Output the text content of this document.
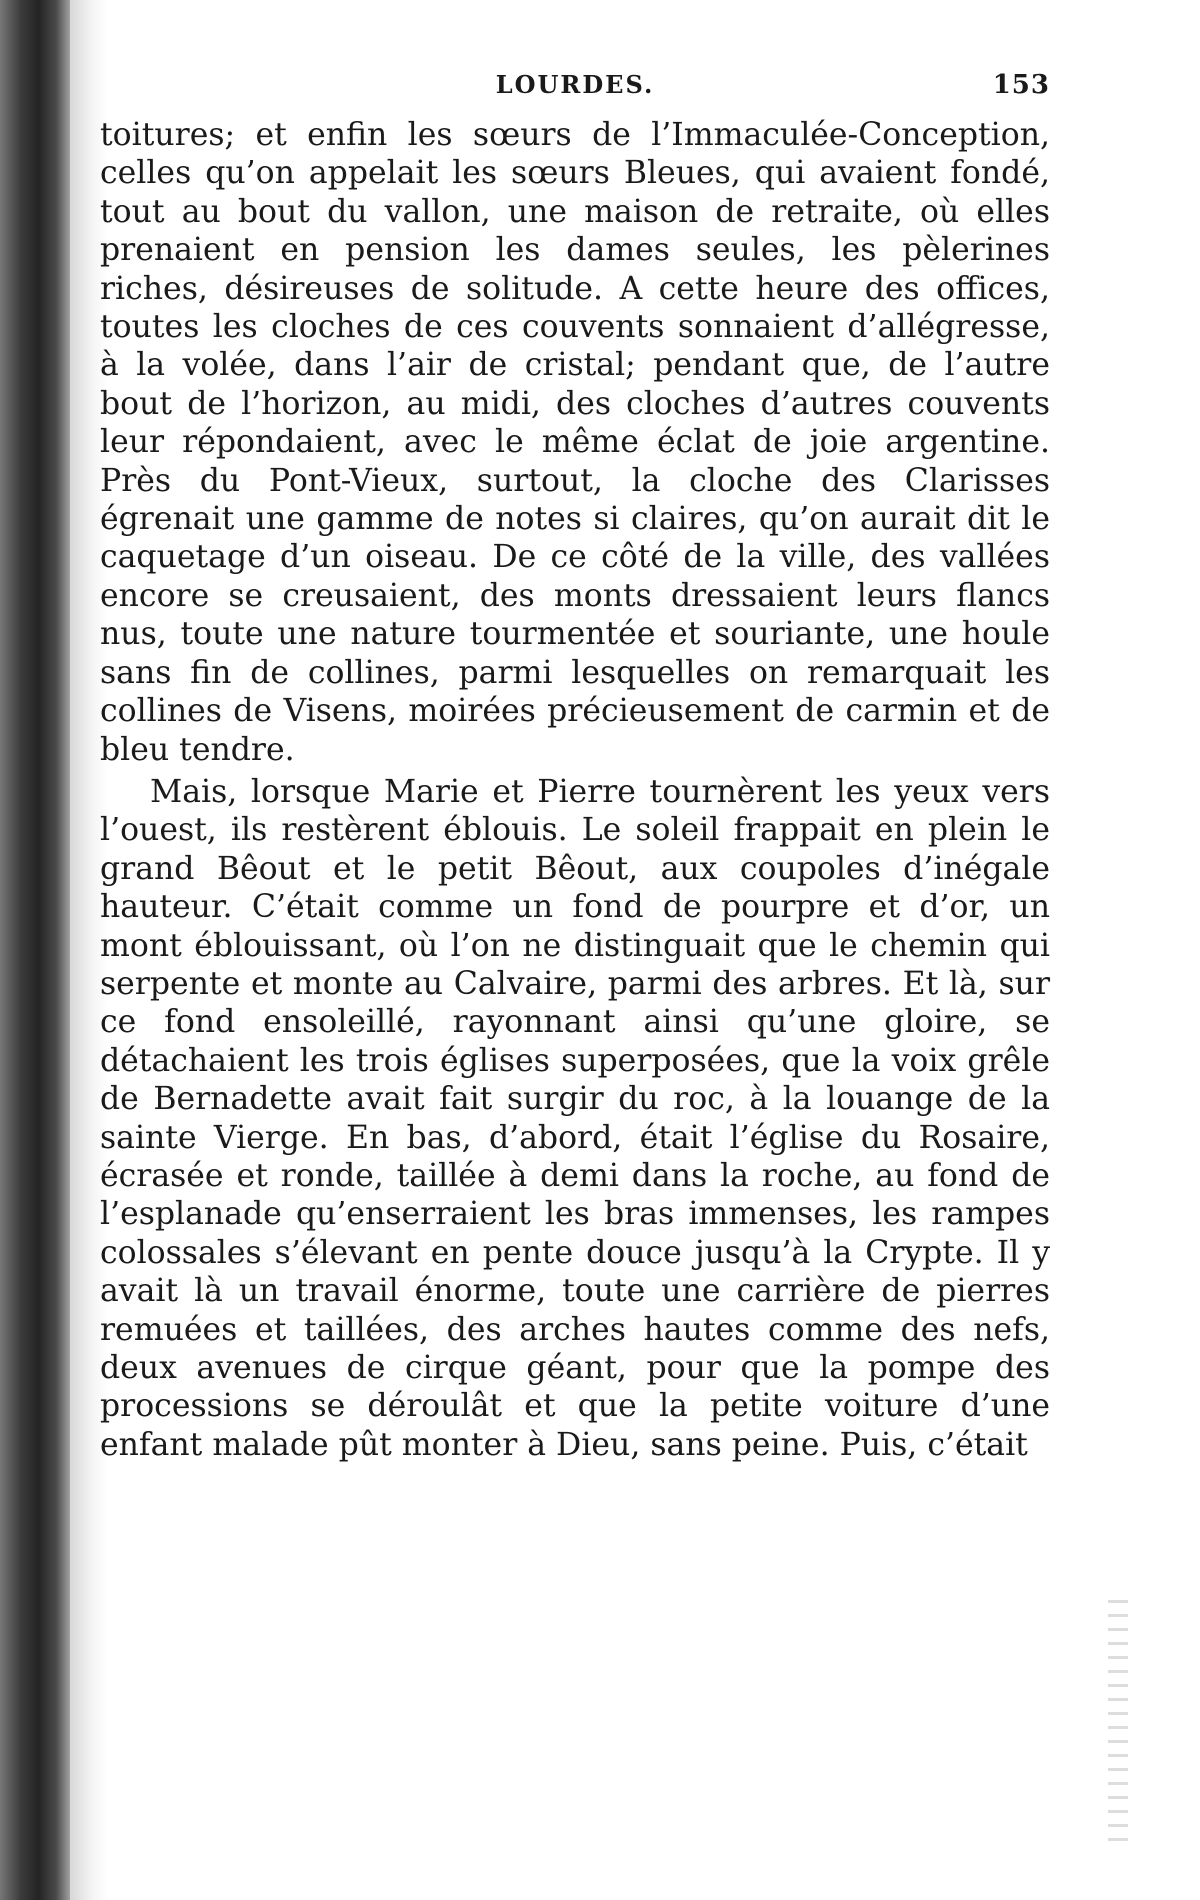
LOURDES.	153

toitures; et enfin les sœurs de l’Immaculée-Conception, celles qu’on appelait les sœurs Bleues, qui avaient fondé, tout au bout du vallon, une maison de retraite, où elles prenaient en pension les dames seules, les pèlerines riches, désireuses de solitude. A cette heure des offices, toutes les cloches de ces couvents sonnaient d’allégresse, à la volée, dans l’air de cristal; pendant que, de l’autre bout de l’horizon, au midi, des cloches d’autres couvents leur répondaient, avec le même éclat de joie argentine. Près du Pont-Vieux, surtout, la cloche des Clarisses égrenait une gamme de notes si claires, qu’on aurait dit le caquetage d’un oiseau. De ce côté de la ville, des vallées encore se creusaient, des monts dressaient leurs flancs nus, toute une nature tourmentée et souriante, une houle sans fin de collines, parmi lesquelles on remarquait les collines de Visens, moirées précieusement de carmin et de bleu tendre.

Mais, lorsque Marie et Pierre tournèrent les yeux vers l’ouest, ils restèrent éblouis. Le soleil frappait en plein le grand Bêout et le petit Bêout, aux coupoles d’inégale hauteur. C’était comme un fond de pourpre et d’or, un mont éblouissant, où l’on ne distinguait que le chemin qui serpente et monte au Calvaire, parmi des arbres. Et là, sur ce fond ensoleillé, rayonnant ainsi qu’une gloire, se détachaient les trois églises superposées, que la voix grêle de Bernadette avait fait surgir du roc, à la louange de la sainte Vierge. En bas, d’abord, était l’église du Rosaire, écrasée et ronde, taillée à demi dans la roche, au fond de l’esplanade qu’enserraient les bras immenses, les rampes colossales s’élevant en pente douce jusqu’à la Crypte. Il y avait là un travail énorme, toute une carrière de pierres remuées et taillées, des arches hautes comme des nefs, deux avenues de cirque géant, pour que la pompe des processions se déroulât et que la petite voiture d’une enfant malade pût monter à Dieu, sans peine. Puis, c’était
